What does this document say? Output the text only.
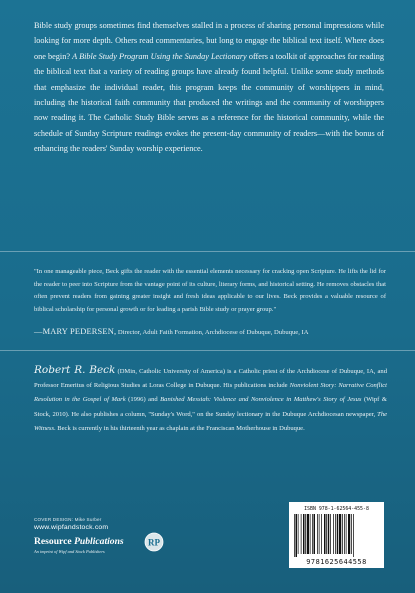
Bible study groups sometimes find themselves stalled in a process of sharing personal impressions while looking for more depth. Others read commentaries, but long to engage the biblical text itself. Where does one begin? A Bible Study Program Using the Sunday Lectionary offers a toolkit of approaches for reading the biblical text that a variety of reading groups have already found helpful. Unlike some study methods that emphasize the individual reader, this program keeps the community of worshippers in mind, including the historical faith community that produced the writings and the community of worshippers now reading it. The Catholic Study Bible serves as a reference for the historical community, while the schedule of Sunday Scripture readings evokes the present-day community of readers—with the bonus of enhancing the readers' Sunday worship experience.
"In one manageable piece, Beck gifts the reader with the essential elements necessary for cracking open Scripture. He lifts the lid for the reader to peer into Scripture from the vantage point of its culture, literary forms, and historical setting. He removes obstacles that often prevent readers from gaining greater insight and fresh ideas applicable to our lives. Beck provides a valuable resource of biblical scholarship for personal growth or for leading a parish Bible study or prayer group."
—MARY PEDERSEN, Director, Adult Faith Formation, Archdiocese of Dubuque, Dubuque, IA
Robert R. Beck (DMin, Catholic University of America) is a Catholic priest of the Archdiocese of Dubuque, IA, and Professor Emeritus of Religious Studies at Loras College in Dubuque. His publications include Nonviolent Story: Narrative Conflict Resolution in the Gospel of Mark (1996) and Banished Messiah: Violence and Nonviolence in Matthew's Story of Jesus (Wipf & Stock, 2010). He also publishes a column, "Sunday's Word," on the Sunday lectionary in the Dubuque Archdiocesan newspaper, The Witness. Beck is currently in his thirteenth year as chaplain at the Franciscan Motherhouse in Dubuque.
COVER DESIGN: Mike Surber
www.wipfandstock.com
Resource Publications
An imprint of Wipf and Stock Publishers
RP
ISBN 978-1-62564-455-8
9781625644558
